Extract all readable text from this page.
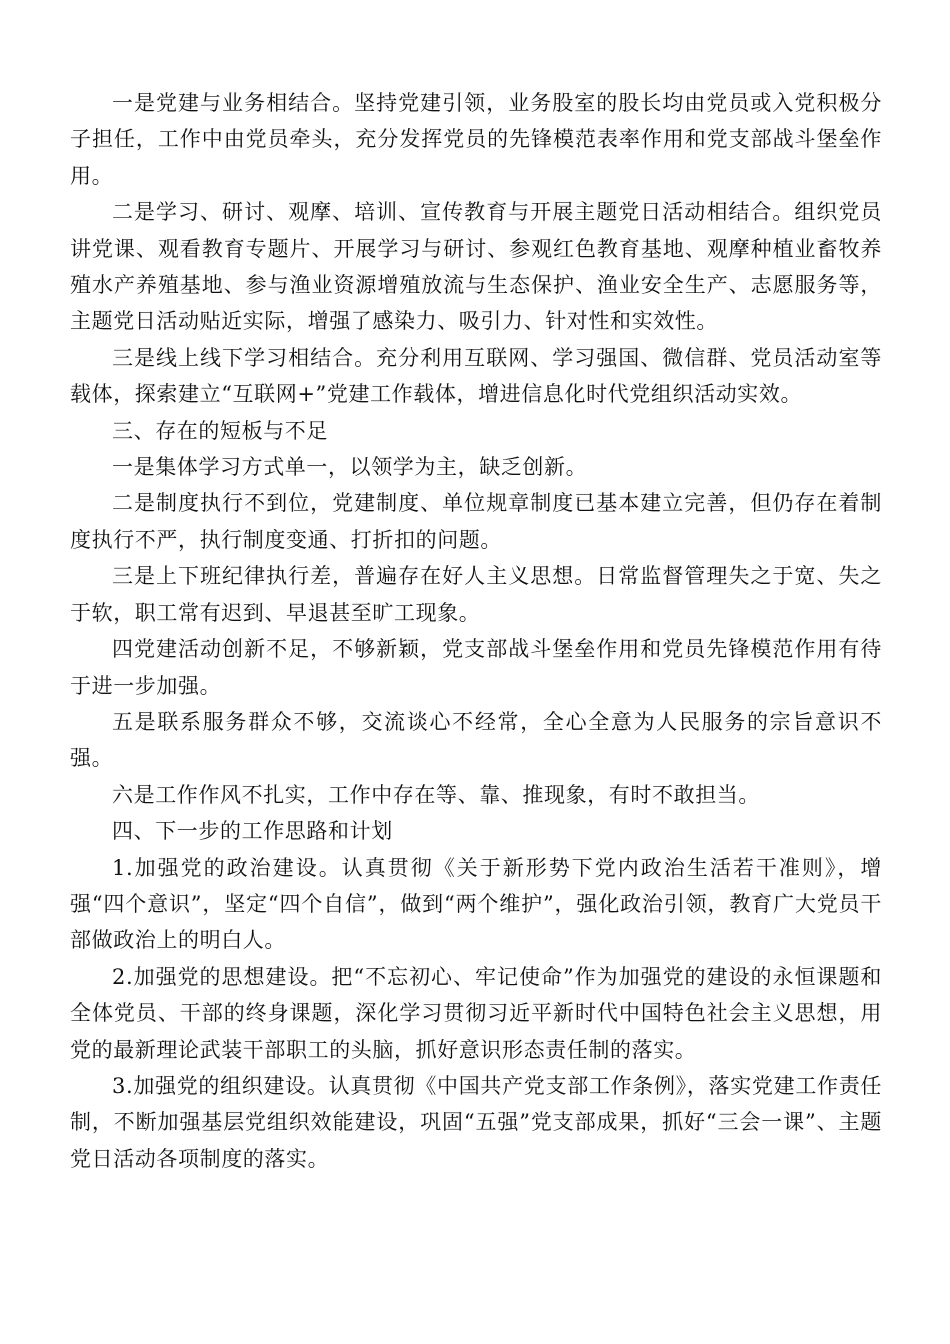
一是党建与业务相结合。坚持党建引领，业务股室的股长均由党员或入党积极分子担任，工作中由党员牵头，充分发挥党员的先锋模范表率作用和党支部战斗堡垒作用。

二是学习、研讨、观摩、培训、宣传教育与开展主题党日活动相结合。组织党员讲党课、观看教育专题片、开展学习与研讨、参观红色教育基地、观摩种植业畜牧养殖水产养殖基地、参与渔业资源增殖放流与生态保护、渔业安全生产、志愿服务等，主题党日活动贴近实际，增强了感染力、吸引力、针对性和实效性。

三是线上线下学习相结合。充分利用互联网、学习强国、微信群、党员活动室等载体，探索建立“互联网+”党建工作载体，增进信息化时代党组织活动实效。

三、存在的短板与不足

一是集体学习方式单一，以领学为主，缺乏创新。

二是制度执行不到位，党建制度、单位规章制度已基本建立完善，但仍存在着制度执行不严，执行制度变通、打折扣的问题。

三是上下班纪律执行差，普遍存在好人主义思想。日常监督管理失之于宽、失之于软，职工常有迟到、早退甚至旷工现象。

四党建活动创新不足，不够新颖，党支部战斗堡垒作用和党员先锋模范作用有待于进一步加强。

五是联系服务群众不够，交流谈心不经常，全心全意为人民服务的宗旨意识不强。

六是工作作风不扎实，工作中存在等、靠、推现象，有时不敢担当。

四、下一步的工作思路和计划

1.加强党的政治建设。认真贯彻《关于新形势下党内政治生活若干准则》，增强“四个意识”，坚定“四个自信”，做到“两个维护”，强化政治引领，教育广大党员干部做政治上的明白人。

2.加强党的思想建设。把“不忘初心、牢记使命”作为加强党的建设的永恒课题和全体党员、干部的终身课题，深化学习贯彻习近平新时代中国特色社会主义思想，用党的最新理论武装干部职工的头脑，抓好意识形态责任制的落实。

3.加强党的组织建设。认真贯彻《中国共产党支部工作条例》，落实党建工作责任制，不断加强基层党组织效能建设，巩固“五强”党支部成果，抓好“三会一课”、主题党日活动各项制度的落实。
